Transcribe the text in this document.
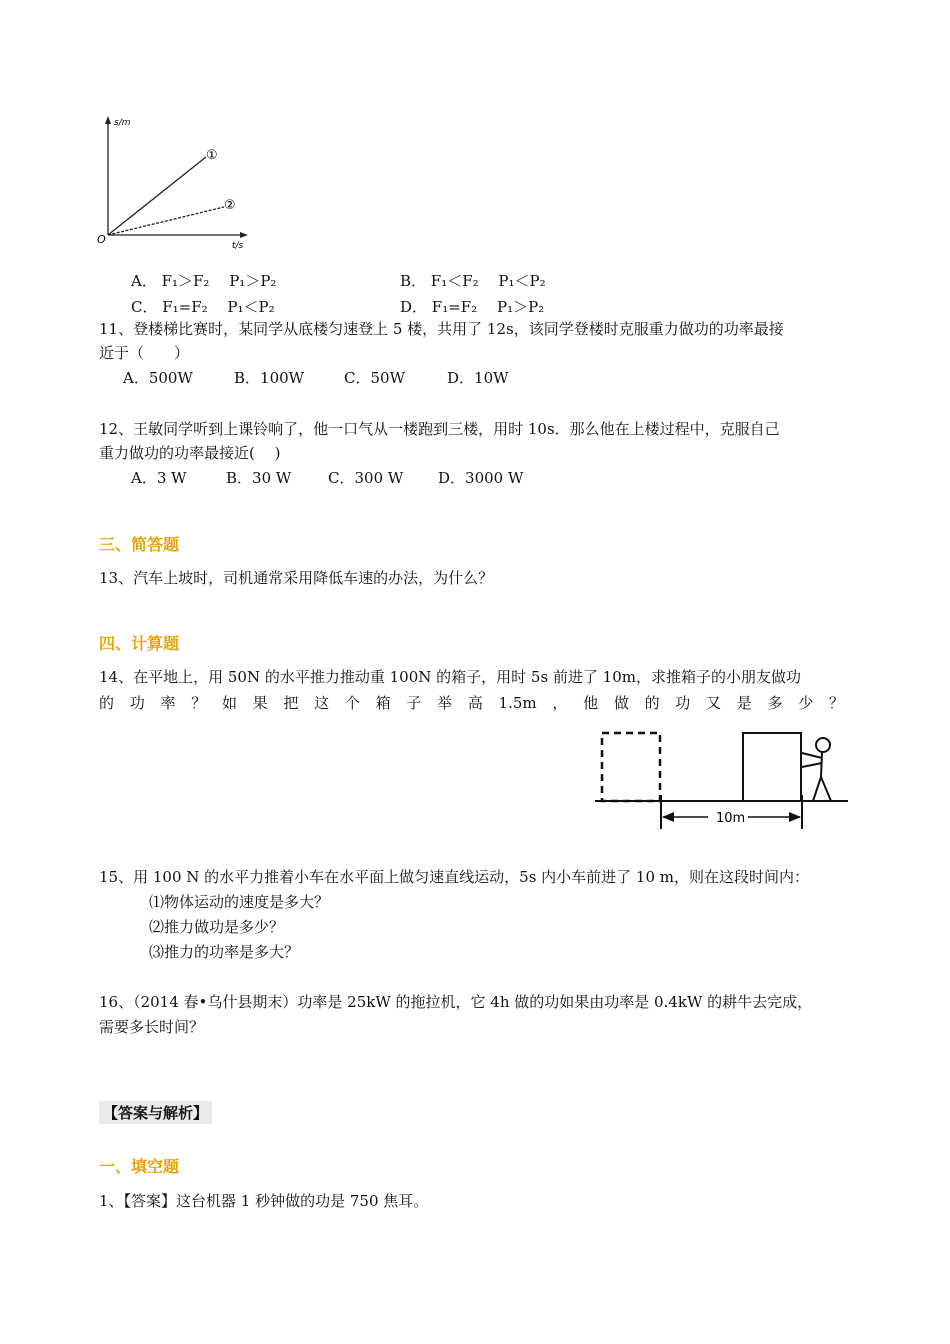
s/m
t/s
O
①
②
A． F₁＞F₂　 P₁＞P₂	B． F₁＜F₂　 P₁＜P₂
C． F₁=F₂　 P₁＜P₂	D． F₁=F₂　 P₁＞P₂
11、登楼梯比赛时，某同学从底楼匀速登上 5 楼，共用了 12s，该同学登楼时克服重力做功的功率最接
近于（　　）
A．500W	B．100W	C．50W	D．10W
12、王敏同学听到上课铃响了，他一口气从一楼跑到三楼，用时 10s．那么他在上楼过程中，克服自己
重力做功的功率最接近(　 )
A．3 W	B．30 W C．300 W D．3000 W
三、简答题
13、汽车上坡时，司机通常采用降低车速的办法，为什么？
四、计算题
14、在平地上，用 50N 的水平推力推动重 100N 的箱子，用时 5s 前进了 10m，求推箱子的小朋友做功
的 功 率 ？ 如 果 把 这 个 箱 子 举 高 1.5m ， 他 做 的 功 又 是 多 少 ？
10m
15、用 100 N 的水平力推着小车在水平面上做匀速直线运动，5s 内小车前进了 10 m，则在这段时间内：
⑴物体运动的速度是多大？
⑵推力做功是多少？
⑶推力的功率是多大？
16、（2014 春•乌什县期末）功率是 25kW 的拖拉机，它 4h 做的功如果由功率是 0.4kW 的耕牛去完成，
需要多长时间？
【答案与解析】
一、填空题
1、【答案】这台机器 1 秒钟做的功是 750 焦耳。
